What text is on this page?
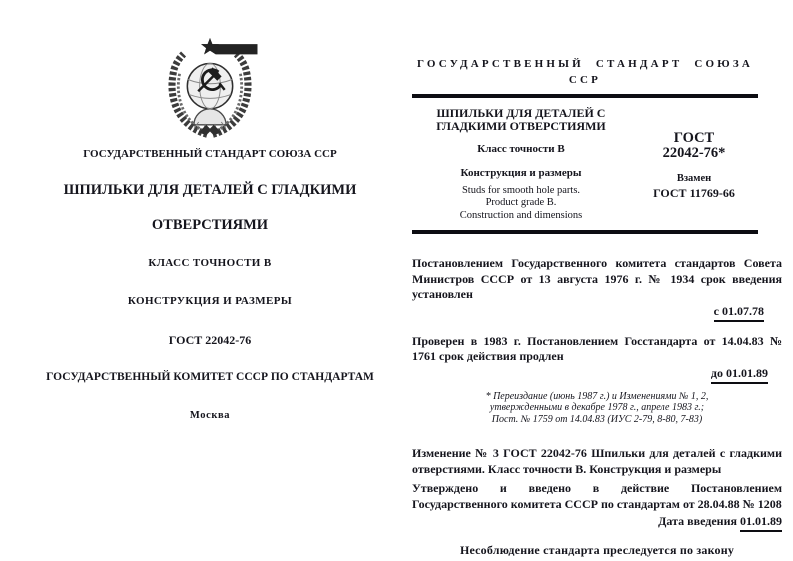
ГОСУДАРСТВЕННЫЙ СТАНДАРТ СОЮЗА ССР
ШПИЛЬКИ ДЛЯ ДЕТАЛЕЙ С ГЛАДКИМИ
ОТВЕРСТИЯМИ
КЛАСС ТОЧНОСТИ В
КОНСТРУКЦИЯ И РАЗМЕРЫ
ГОСТ 22042-76
ГОСУДАРСТВЕННЫЙ КОМИТЕТ СССР ПО СТАНДАРТАМ
Москва
ГОСУДАРСТВЕННЫЙ СТАНДАРТ СОЮЗА ССР
ШПИЛЬКИ ДЛЯ ДЕТАЛЕЙ С
ГЛАДКИМИ ОТВЕРСТИЯМИ
Класс точности В
Конструкция и размеры
Studs for smooth hole parts.
Product grade B.
Construction and dimensions
ГОСТ
22042-76*
Взамен
ГОСТ 11769-66
Постановлением Государственного комитета стандартов Совета Министров СССР от 13 августа 1976 г. № 1934 срок введения установлен
с 01.07.78
Проверен в 1983 г. Постановлением Госстандарта от 14.04.83 № 1761 срок действия продлен
до 01.01.89
* Переиздание (июнь 1987 г.) и Изменениями № 1, 2,
утвержденными в декабре 1978 г., апреле 1983 г.;
Пост. № 1759 от 14.04.83 (ИУС 2-79, 8-80, 7-83)
Изменение № 3 ГОСТ 22042-76 Шпильки для деталей с гладкими отверстиями. Класс точности В. Конструкция и размеры
Утверждено и введено в действие Постановлением Государственного комитета СССР по стандартам от 28.04.88 № 1208
Дата введения 01.01.89
Несоблюдение стандарта преследуется по закону
